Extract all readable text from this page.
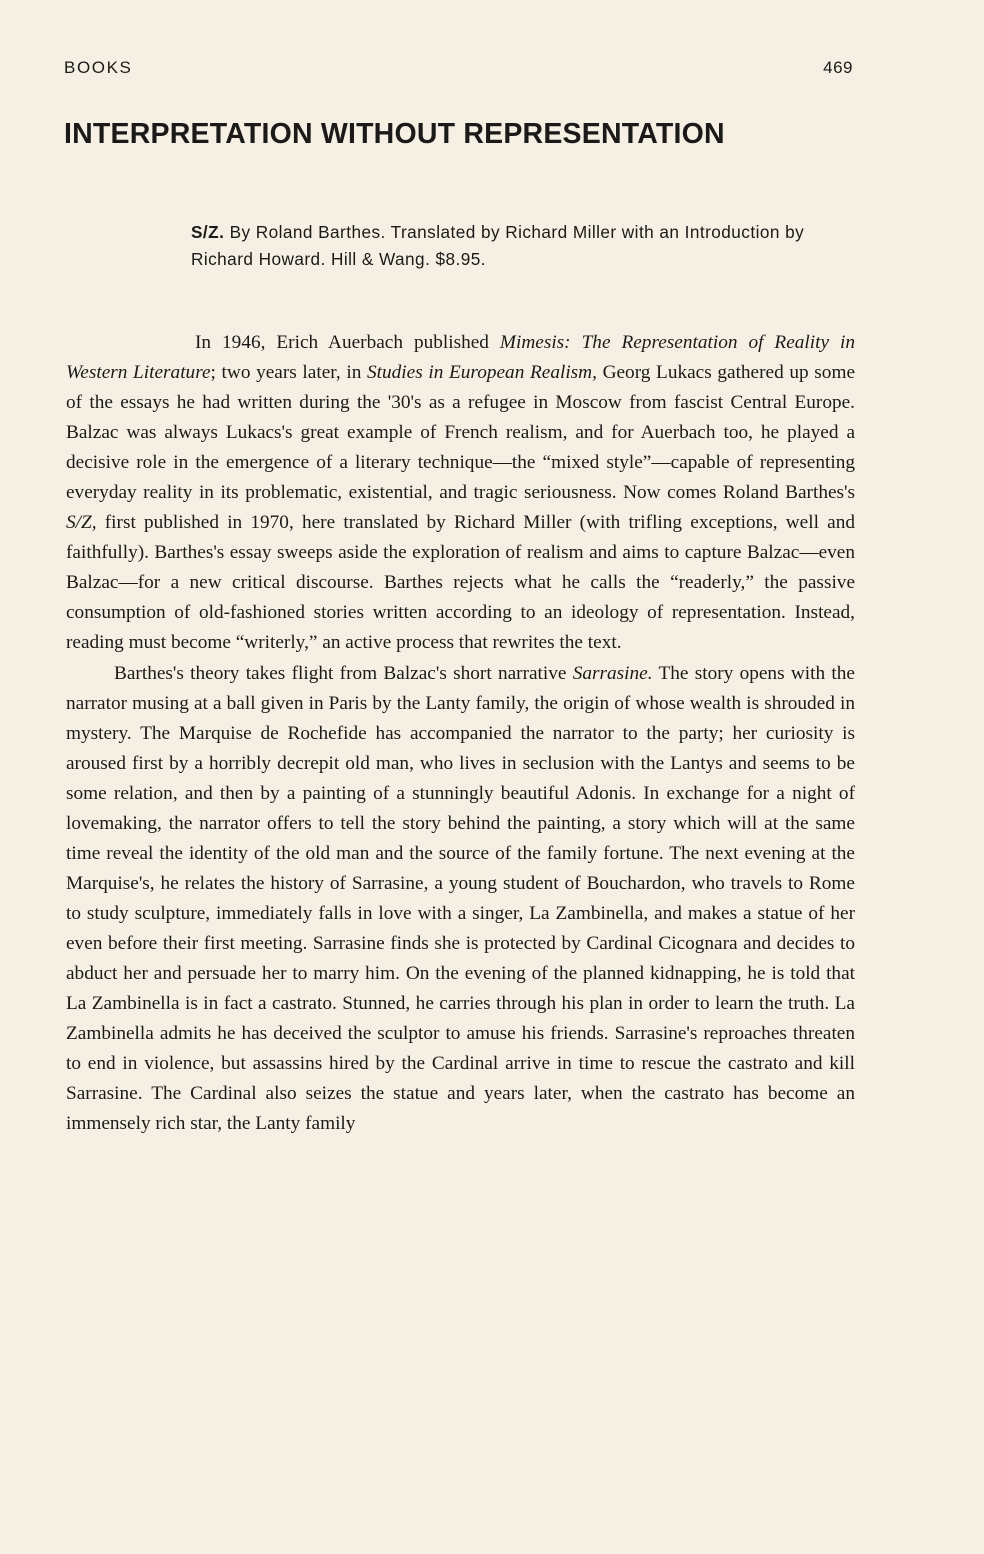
BOOKS	469
INTERPRETATION WITHOUT REPRESENTATION

S/Z. By Roland Barthes. Translated by Richard Miller with an Introduction by Richard Howard. Hill & Wang. $8.95.

In 1946, Erich Auerbach published Mimesis: The Representation of Reality in Western Literature; two years later, in Studies in European Realism, Georg Lukacs gathered up some of the essays he had written during the '30's as a refugee in Moscow from fascist Central Europe. Balzac was always Lukacs's great example of French realism, and for Auerbach too, he played a decisive role in the emergence of a literary technique—the “mixed style”—capable of representing everyday reality in its problematic, existential, and tragic seriousness. Now comes Roland Barthes's S/Z, first published in 1970, here translated by Richard Miller (with trifling exceptions, well and faithfully). Barthes's essay sweeps aside the exploration of realism and aims to capture Balzac—even Balzac—for a new critical discourse. Barthes rejects what he calls the “readerly,” the passive consumption of old-fashioned stories written according to an ideology of representation. Instead, reading must become “writerly,” an active process that rewrites the text.

Barthes's theory takes flight from Balzac's short narrative Sarrasine. The story opens with the narrator musing at a ball given in Paris by the Lanty family, the origin of whose wealth is shrouded in mystery. The Marquise de Rochefide has accompanied the narrator to the party; her curiosity is aroused first by a horribly decrepit old man, who lives in seclusion with the Lantys and seems to be some relation, and then by a painting of a stunningly beautiful Adonis. In exchange for a night of lovemaking, the narrator offers to tell the story behind the painting, a story which will at the same time reveal the identity of the old man and the source of the family fortune. The next evening at the Marquise's, he relates the history of Sarrasine, a young student of Bouchardon, who travels to Rome to study sculpture, immediately falls in love with a singer, La Zambinella, and makes a statue of her even before their first meeting. Sarrasine finds she is protected by Cardinal Cicognara and decides to abduct her and persuade her to marry him. On the evening of the planned kidnapping, he is told that La Zambinella is in fact a castrato. Stunned, he carries through his plan in order to learn the truth. La Zambinella admits he has deceived the sculptor to amuse his friends. Sarrasine's reproaches threaten to end in violence, but assassins hired by the Cardinal arrive in time to rescue the castrato and kill Sarrasine. The Cardinal also seizes the statue and years later, when the castrato has become an immensely rich star, the Lanty family
